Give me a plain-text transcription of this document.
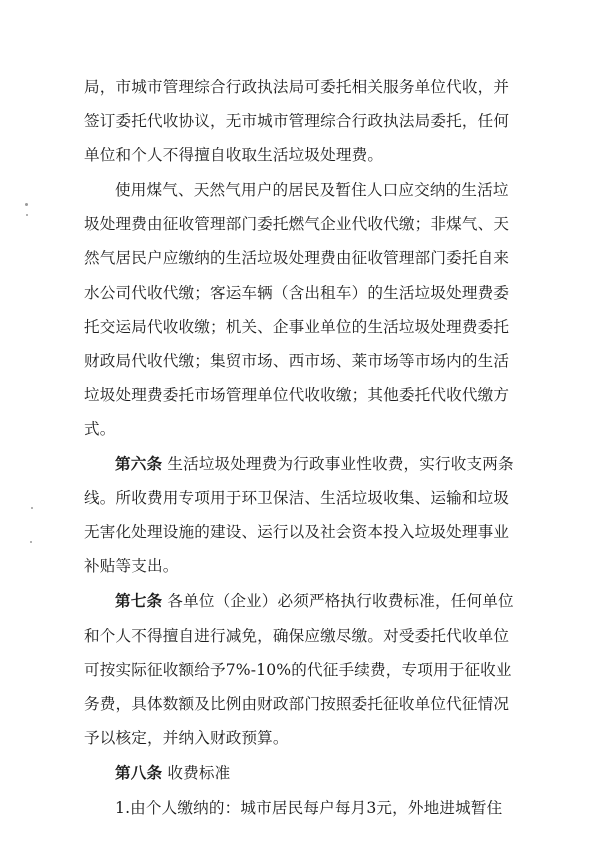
局，市城市管理综合行政执法局可委托相关服务单位代收，并签订委托代收协议，无市城市管理综合行政执法局委托，任何单位和个人不得擅自收取生活垃圾处理费。

使用煤气、天然气用户的居民及暂住人口应交纳的生活垃圾处理费由征收管理部门委托燃气企业代收代缴；非煤气、天然气居民户应缴纳的生活垃圾处理费由征收管理部门委托自来水公司代收代缴；客运车辆（含出租车）的生活垃圾处理费委托交运局代收收缴；机关、企事业单位的生活垃圾处理费委托财政局代收代缴；集贸市场、西市场、莱市场等市场内的生活垃圾处理费委托市场管理单位代收收缴；其他委托代收代缴方式。

第六条 生活垃圾处理费为行政事业性收费，实行收支两条线。所收费用专项用于环卫保洁、生活垃圾收集、运输和垃圾无害化处理设施的建设、运行以及社会资本投入垃圾处理事业补贴等支出。

第七条 各单位（企业）必须严格执行收费标准，任何单位和个人不得擅自进行减免，确保应缴尽缴。对受委托代收单位可按实际征收额给予7%-10%的代征手续费，专项用于征收业务费，具体数额及比例由财政部门按照委托征收单位代征情况予以核定，并纳入财政预算。

第八条 收费标准

1.由个人缴纳的：城市居民每户每月3元，外地进城暂住
